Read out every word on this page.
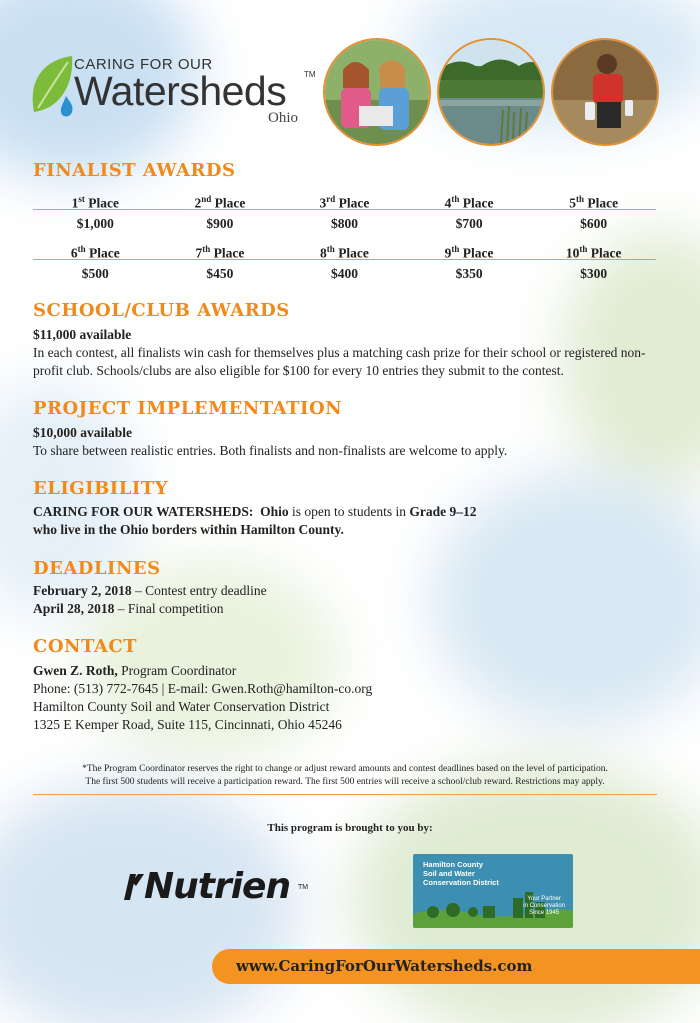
CARING FOR OUR
Watersheds TM
Ohio
FINALIST AWARDS
1st Place	2nd Place	3rd Place	4th Place	5th Place
$1,000	$900	$800	$700	$600
6th Place	7th Place	8th Place	9th Place	10th Place
$500	$450	$400	$350	$300
SCHOOL/CLUB AWARDS
$11,000 available
In each contest, all finalists win cash for themselves plus a matching cash prize for their school or registered non-profit club. Schools/clubs are also eligible for $100 for every 10 entries they submit to the contest.
PROJECT IMPLEMENTATION
$10,000 available
To share between realistic entries. Both finalists and non-finalists are welcome to apply.
ELIGIBILITY
CARING FOR OUR WATERSHEDS: Ohio is open to students in Grade 9–12
who live in the Ohio borders within Hamilton County.
DEADLINES
February 2, 2018 – Contest entry deadline
April 28, 2018 – Final competition
CONTACT
Gwen Z. Roth, Program Coordinator
Phone: (513) 772-7645 | E-mail: Gwen.Roth@hamilton-co.org
Hamilton County Soil and Water Conservation District
1325 E Kemper Road, Suite 115, Cincinnati, Ohio 45246
*The Program Coordinator reserves the right to change or adjust reward amounts and contest deadlines based on the level of participation.
The first 500 students will receive a participation reward. The first 500 entries will receive a school/club reward. Restrictions may apply.
This program is brought to you by:
Nutrien TM
Hamilton County
Soil and Water
Conservation District
Your Partner
in Conservation
Since 1945
www.CaringForOurWatersheds.com
